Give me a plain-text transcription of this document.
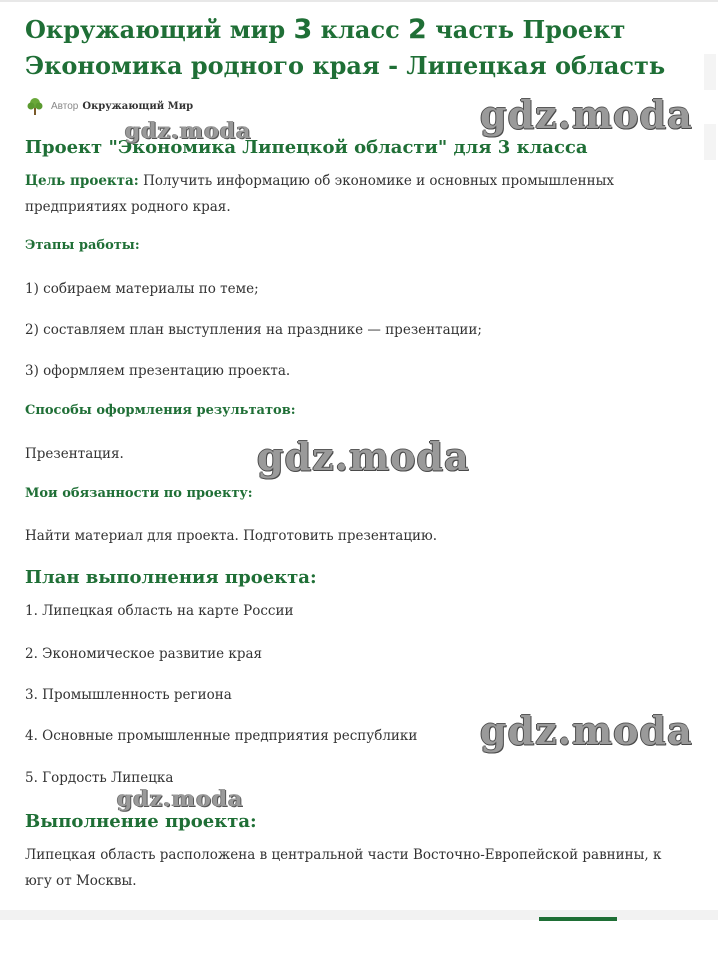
Окружающий мир 3 класс 2 часть Проект
Экономика родного края - Липецкая область
Автор Окружающий Мир
Проект "Экономика Липецкой области" для 3 класса

Цель проекта: Получить информацию об экономике и основных промышленных предприятиях родного края.

Этапы работы:

1) собираем материалы по теме;

2) составляем план выступления на празднике — презентации;

3) оформляем презентацию проекта.

Способы оформления результатов:

Презентация.

Мои обязанности по проекту:

Найти материал для проекта. Подготовить презентацию.

План выполнения проекта:

1. Липецкая область на карте России

2. Экономическое развитие края

3. Промышленность региона

4. Основные промышленные предприятия республики

5. Гордость Липецка

Выполнение проекта:

Липецкая область расположена в центральной части Восточно-Европейской равнины, к югу от Москвы.

gdz.moda
gdz.moda
gdz.moda
gdz.moda
gdz.moda
